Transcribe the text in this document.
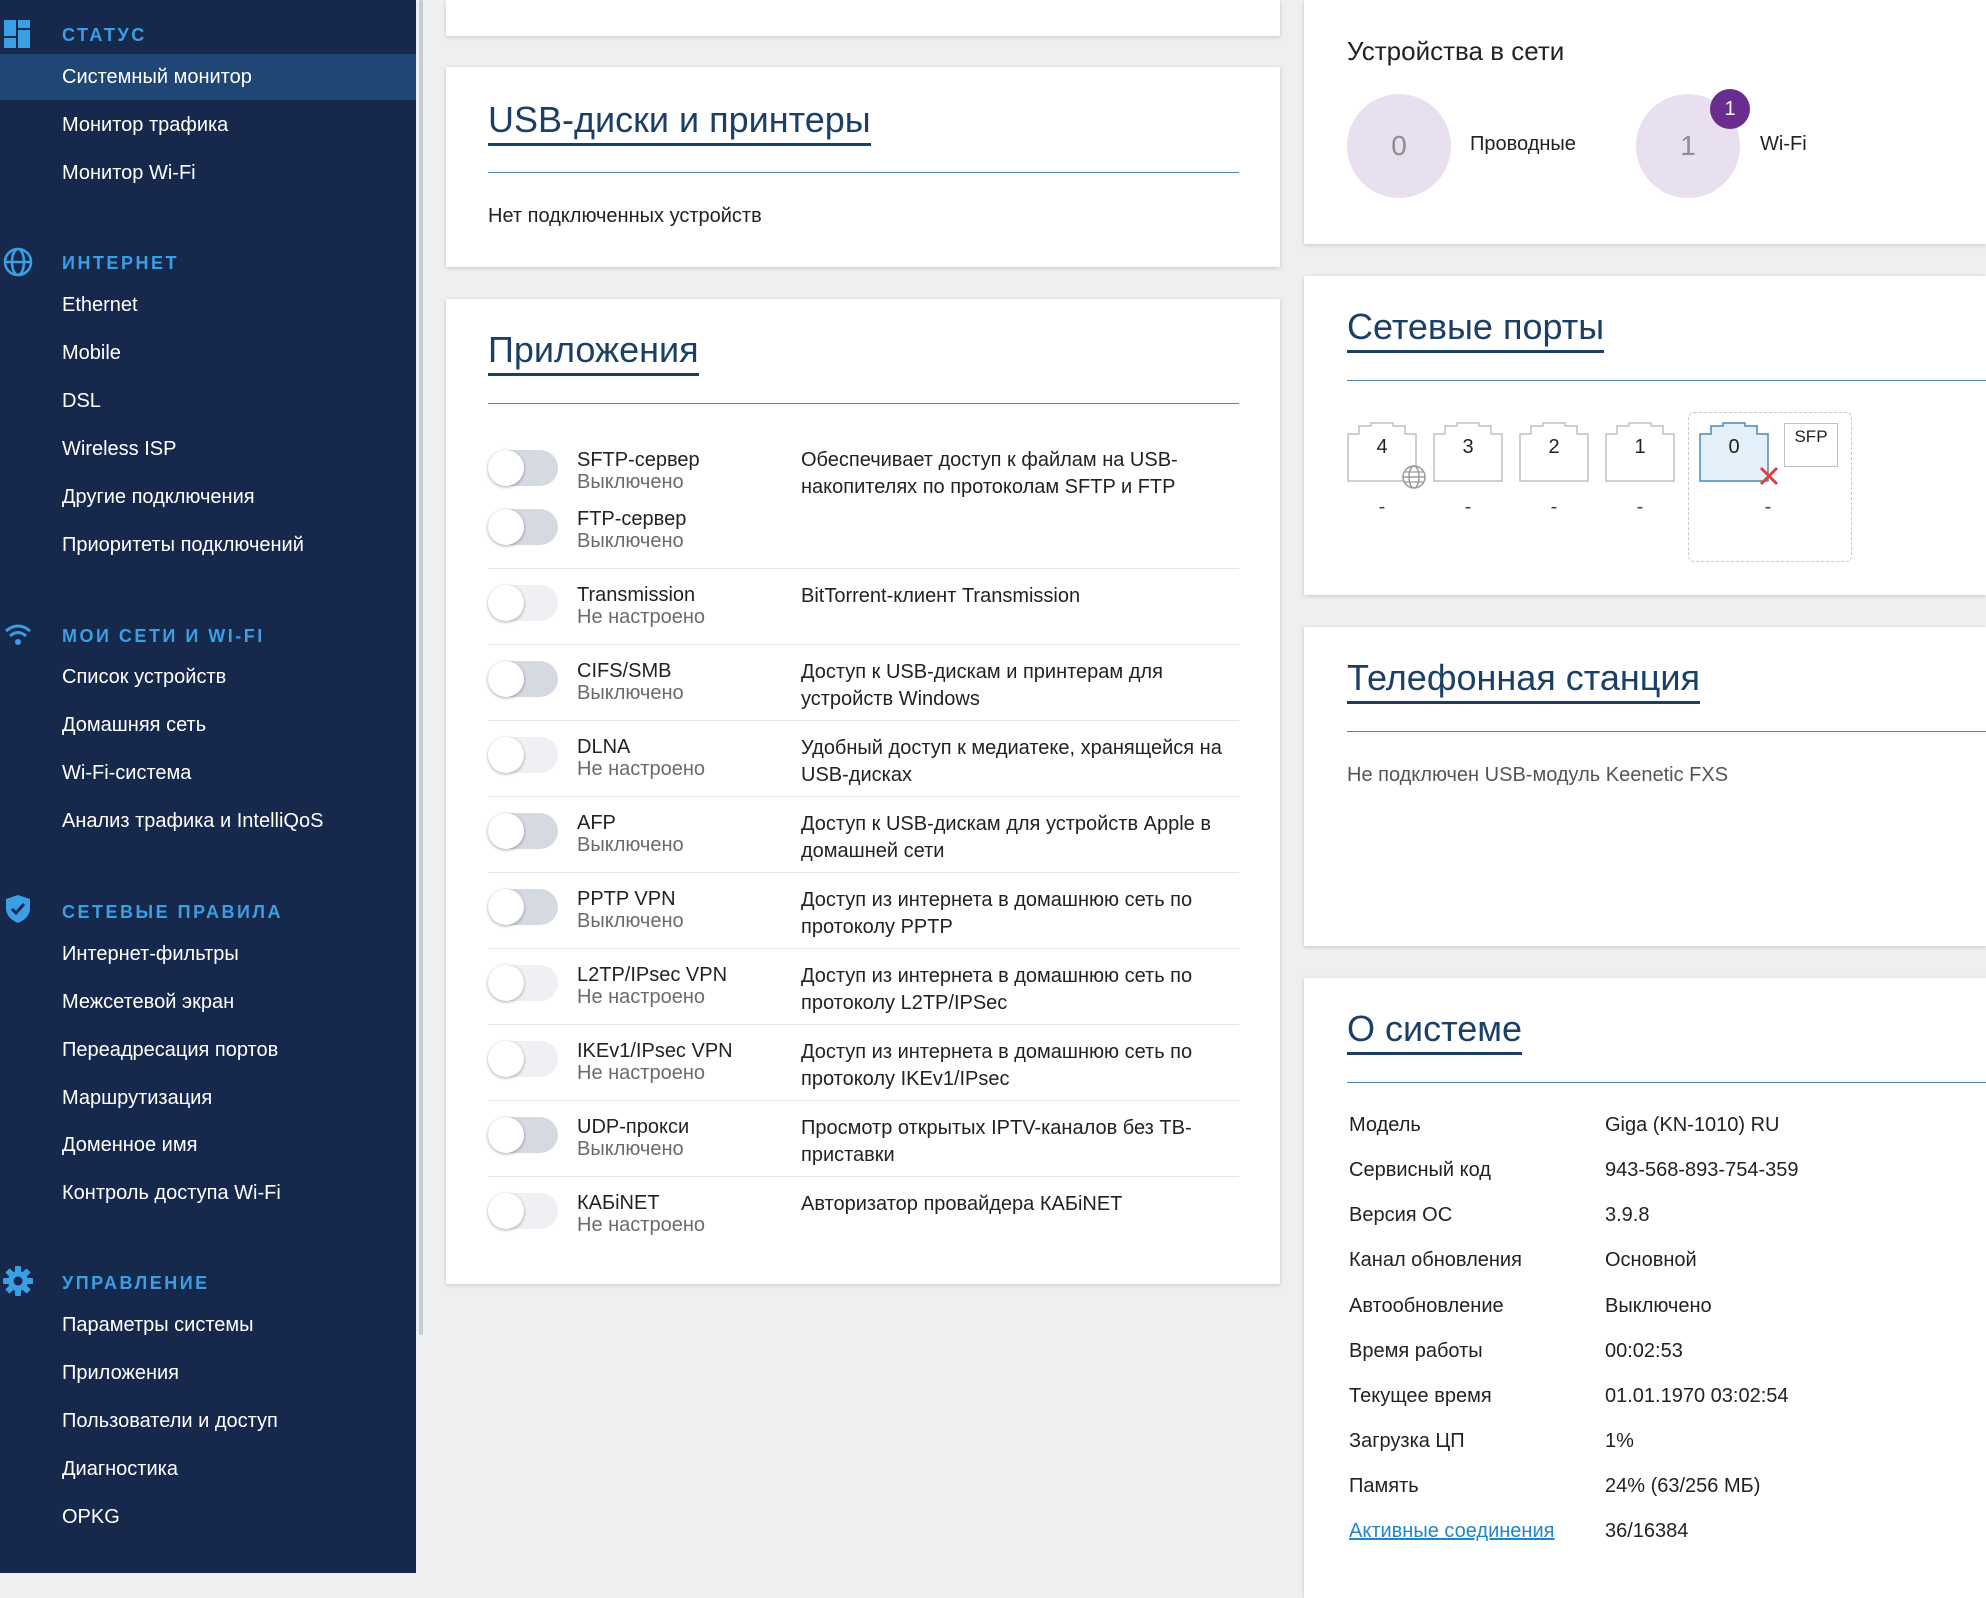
СТАТУС
Системный монитор
Монитор трафика
Монитор Wi-Fi
ИНТЕРНЕТ
Ethernet
Mobile
DSL
Wireless ISP
Другие подключения
Приоритеты подключений
МОИ СЕТИ И WI-FI
Список устройств
Домашняя сеть
Wi-Fi-система
Анализ трафика и IntelliQoS
СЕТЕВЫЕ ПРАВИЛА
Интернет-фильтры
Межсетевой экран
Переадресация портов
Маршрутизация
Доменное имя
Контроль доступа Wi-Fi
УПРАВЛЕНИЕ
Параметры системы
Приложения
Пользователи и доступ
Диагностика
OPKG
USB-диски и принтеры
Нет подключенных устройств
Приложения
SFTP-сервер
Выключено
Обеспечивает доступ к файлам на USB-накопителях по протоколам SFTP и FTP
FTP-сервер
Выключено
Transmission
Не настроено
BitTorrent-клиент Transmission
CIFS/SMB
Выключено
Доступ к USB-дискам и принтерам для устройств Windows
DLNA
Не настроено
Удобный доступ к медиатеке, хранящейся на USB-дисках
AFP
Выключено
Доступ к USB-дискам для устройств Apple в домашней сети
PPTP VPN
Выключено
Доступ из интернета в домашнюю сеть по протоколу PPTP
L2TP/IPsec VPN
Не настроено
Доступ из интернета в домашнюю сеть по протоколу L2TP/IPSec
IKEv1/IPsec VPN
Не настроено
Доступ из интернета в домашнюю сеть по протоколу IKEv1/IPsec
UDP-прокси
Выключено
Просмотр открытых IPTV-каналов без ТВ-приставки
КАБiNET
Не настроено
Авторизатор провайдера КАБiNET
Устройства в сети
0	Проводные	1
1
Wi-Fi
Сетевые порты
4
-
3
-
2
-
1
-
0	SFP
-
Телефонная станция
Не подключен USB-модуль Keenetic FXS
О системе
Модель	Giga (KN-1010) RU
Сервисный код	943-568-893-754-359
Версия ОС	3.9.8
Канал обновления	Основной
Автообновление	Выключено
Время работы	00:02:53
Текущее время	01.01.1970 03:02:54
Загрузка ЦП	1%
Память	24% (63/256 МБ)
Активные соединения	36/16384
